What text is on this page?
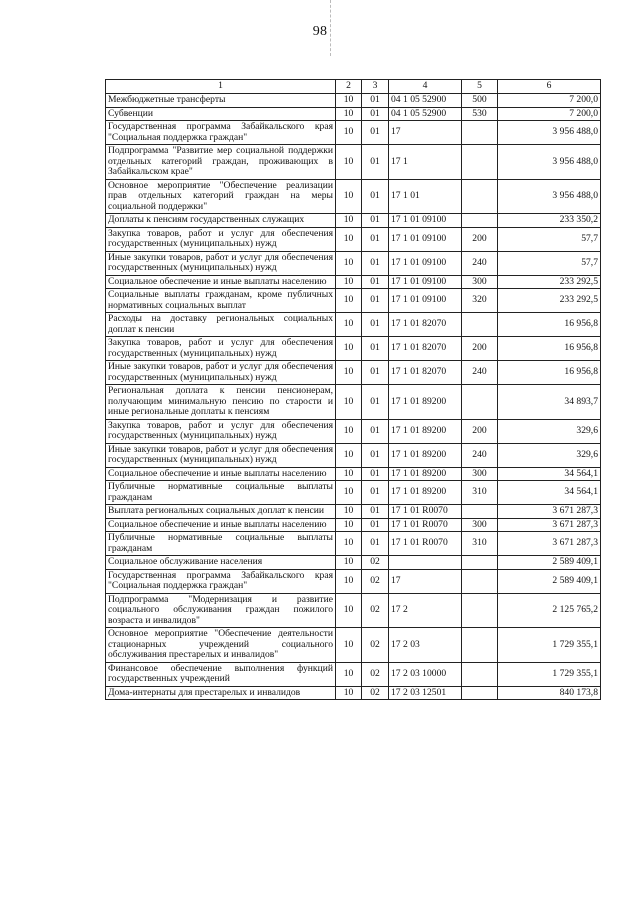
98
1	2	3	4	5	6
Межбюджетные трансферты	10	01	04 1 05 52900	500	7 200,0
Субвенции	10	01	04 1 05 52900	530	7 200,0
Государственная программа Забайкальского края "Социальная поддержка граждан"	10	01	17		3 956 488,0
Подпрограмма "Развитие мер социальной поддержки отдельных категорий граждан, проживающих в Забайкальском крае"	10	01	17 1		3 956 488,0
Основное мероприятие "Обеспечение реализации прав отдельных категорий граждан на меры социальной поддержки"	10	01	17 1 01		3 956 488,0
Доплаты к пенсиям государственных служащих	10	01	17 1 01 09100		233 350,2
Закупка товаров, работ и услуг для обеспечения государственных (муниципальных) нужд	10	01	17 1 01 09100	200	57,7
Иные закупки товаров, работ и услуг для обеспечения государственных (муниципальных) нужд	10	01	17 1 01 09100	240	57,7
Социальное обеспечение и иные выплаты населению	10	01	17 1 01 09100	300	233 292,5
Социальные выплаты гражданам, кроме публичных нормативных социальных выплат	10	01	17 1 01 09100	320	233 292,5
Расходы на доставку региональных социальных доплат к пенсии	10	01	17 1 01 82070		16 956,8
Закупка товаров, работ и услуг для обеспечения государственных (муниципальных) нужд	10	01	17 1 01 82070	200	16 956,8
Иные закупки товаров, работ и услуг для обеспечения государственных (муниципальных) нужд	10	01	17 1 01 82070	240	16 956,8
Региональная доплата к пенсии пенсионерам, получающим минимальную пенсию по старости и иные региональные доплаты к пенсиям	10	01	17 1 01 89200		34 893,7
Закупка товаров, работ и услуг для обеспечения государственных (муниципальных) нужд	10	01	17 1 01 89200	200	329,6
Иные закупки товаров, работ и услуг для обеспечения государственных (муниципальных) нужд	10	01	17 1 01 89200	240	329,6
Социальное обеспечение и иные выплаты населению	10	01	17 1 01 89200	300	34 564,1
Публичные нормативные социальные выплаты гражданам	10	01	17 1 01 89200	310	34 564,1
Выплата региональных социальных доплат к пенсии	10	01	17 1 01 R0070		3 671 287,3
Социальное обеспечение и иные выплаты населению	10	01	17 1 01 R0070	300	3 671 287,3
Публичные нормативные социальные выплаты гражданам	10	01	17 1 01 R0070	310	3 671 287,3
Социальное обслуживание населения	10	02			2 589 409,1
Государственная программа Забайкальского края "Социальная поддержка граждан"	10	02	17		2 589 409,1
Подпрограмма "Модернизация и развитие социального обслуживания граждан пожилого возраста и инвалидов"	10	02	17 2		2 125 765,2
Основное мероприятие "Обеспечение деятельности стационарных учреждений социального обслуживания престарелых и инвалидов"	10	02	17 2 03		1 729 355,1
Финансовое обеспечение выполнения функций государственных учреждений	10	02	17 2 03 10000		1 729 355,1
Дома-интернаты для престарелых и инвалидов	10	02	17 2 03 12501		840 173,8
